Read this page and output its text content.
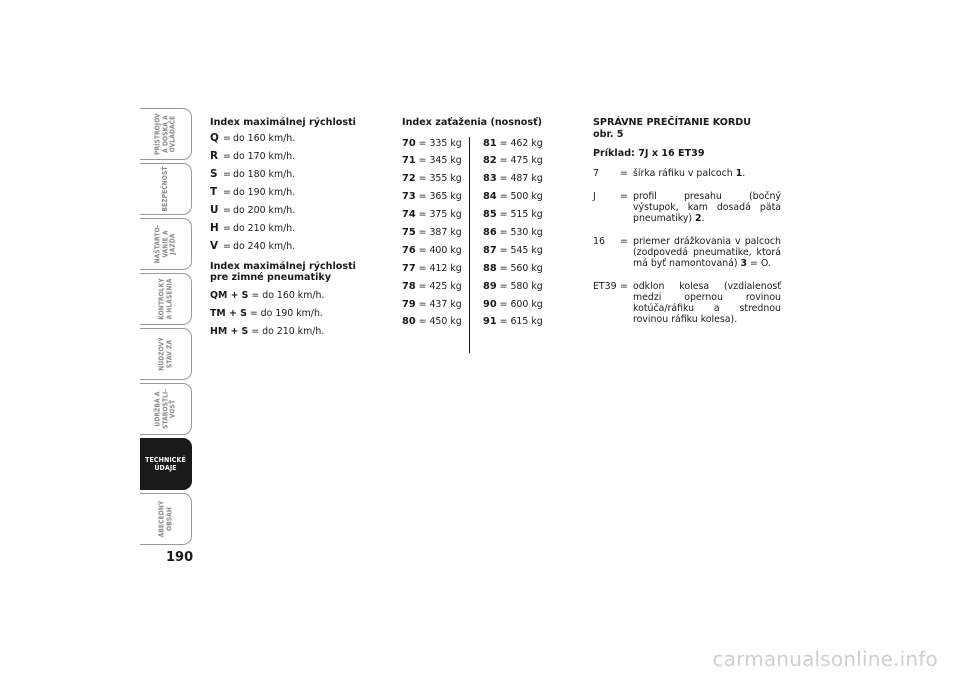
PRÍSTROJOV
Á DOSKA A
OVLÁDAČE
BEZPEČNOSŤ
NAŠTARTO-
VANIE A
JAZDA
KONTROLKY
A HLÁSENIA
NÚDZOVÝ
STAV ZA
ÚDRŽBA A
STAROSTLI-
VOSŤ
TECHNICKÉ
ÚDAJE
ABECEDNÝ
OBSAH
190
Index maximálnej rýchlosti
Q = do 160 km/h.
R = do 170 km/h.
S = do 180 km/h.
T = do 190 km/h.
U = do 200 km/h.
H = do 210 km/h.
V = do 240 km/h.
Index maximálnej rýchlosti
pre zimné pneumatiky
QM + S = do 160 km/h.
TM + S = do 190 km/h.
HM + S = do 210 km/h.
Index zaťaženia (nosnosť)
70 = 335 kg
71 = 345 kg
72 = 355 kg
73 = 365 kg
74 = 375 kg
75 = 387 kg
76 = 400 kg
77 = 412 kg
78 = 425 kg
79 = 437 kg
80 = 450 kg
81 = 462 kg
82 = 475 kg
83 = 487 kg
84 = 500 kg
85 = 515 kg
86 = 530 kg
87 = 545 kg
88 = 560 kg
89 = 580 kg
90 = 600 kg
91 = 615 kg
SPRÁVNE PREČÍTANIE KORDU
obr. 5
Príklad: 7J x 16 ET39
7 = šírka ráfiku v palcoch 1.
J	= profil presahu (bočný výstupok, kam dosadá päta pneumatiky) 2.
16 = priemer drážkovania v palcoch (zodpovedá pneumatike, ktorá má byť namontovaná) 3 = O.
ET39 = odklon kolesa (vzdialenosť medzi opernou rovinou kotúča/ráfiku a strednou rovinou ráfiku kolesa).
carmanualsonline.info
